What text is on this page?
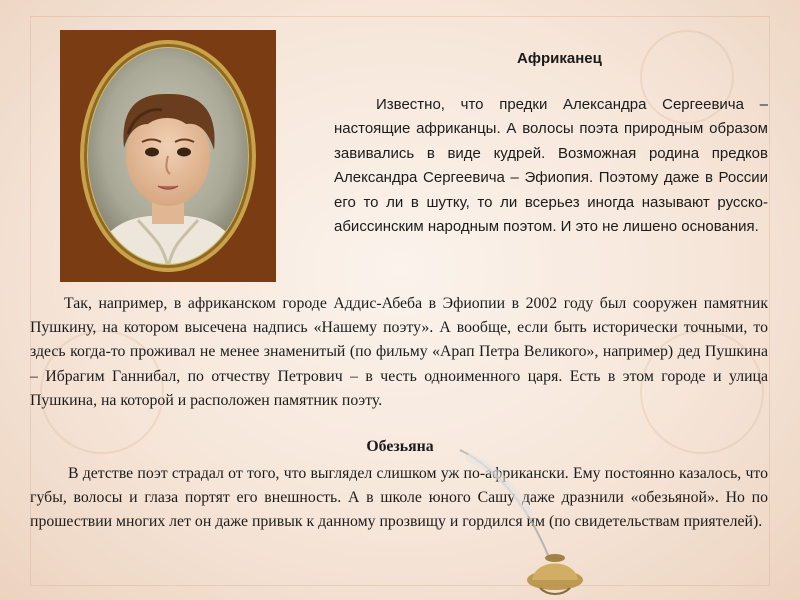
Африканец
Известно, что предки Александра Сергеевича – настоящие африканцы. А волосы поэта природным образом завивались в виде кудрей. Возможная родина предков Александра Сергеевича – Эфиопия. Поэтому даже в России его то ли в шутку, то ли всерьез иногда называют русско-абиссинским народным поэтом. И это не лишено основания.
Так, например, в африканском городе Аддис-Абеба в Эфиопии в 2002 году был сооружен памятник Пушкину, на котором высечена надпись «Нашему поэту». А вообще, если быть исторически точными, то здесь когда-то проживал не менее знаменитый (по фильму «Арап Петра Великого», например) дед Пушкина – Ибрагим Ганнибал, по отчеству Петрович – в честь одноименного царя. Есть в этом городе и улица Пушкина, на которой и расположен памятник поэту.
Обезьяна
В детстве поэт страдал от того, что выглядел слишком уж по-африкански. Ему постоянно казалось, что губы, волосы и глаза портят его внешность. А в школе юного Сашу даже дразнили «обезьяной». Но по прошествии многих лет он даже привык к данному прозвищу и гордился им (по свидетельствам приятелей).
